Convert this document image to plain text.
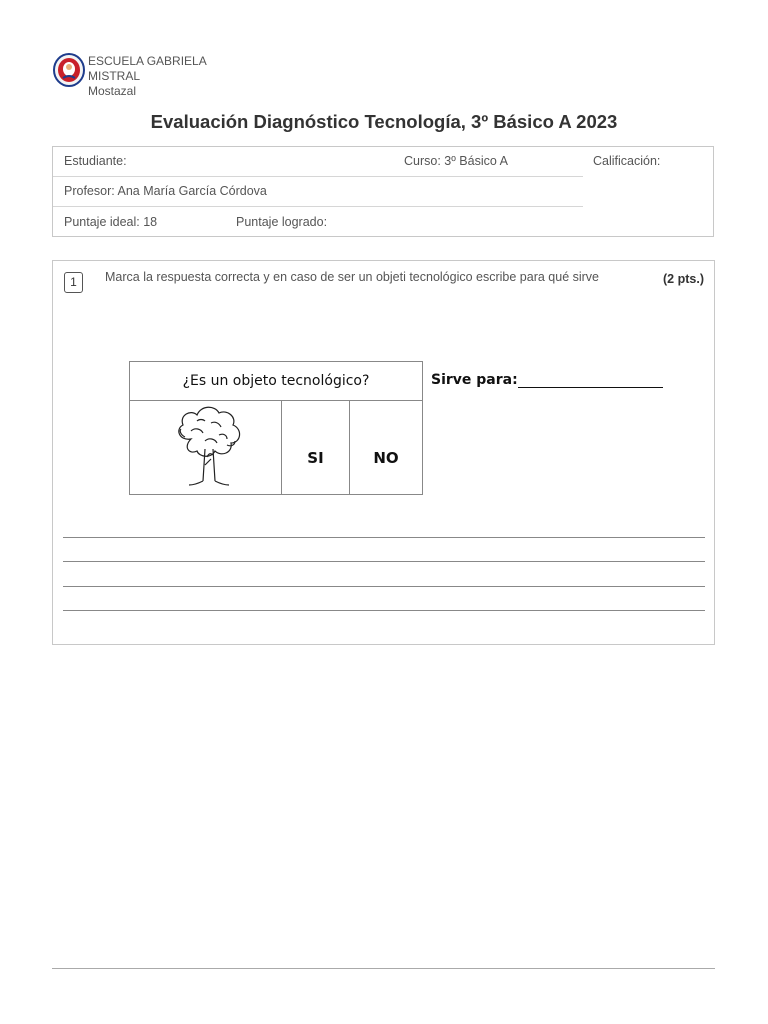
ESCUELA GABRIELA
MISTRAL
Mostazal
Evaluación Diagnóstico Tecnología, 3º Básico A 2023
Estudiante:	Curso: 3º Básico A	Calificación:
Profesor: Ana María García Córdova
Puntaje ideal: 18	Puntaje logrado:
1	Marca la respuesta correcta y en caso de ser un objeti tecnológico escribe para qué sirve	(2 pts.)
¿Es un objeto tecnológico?
	SI	NO
Sirve para:
